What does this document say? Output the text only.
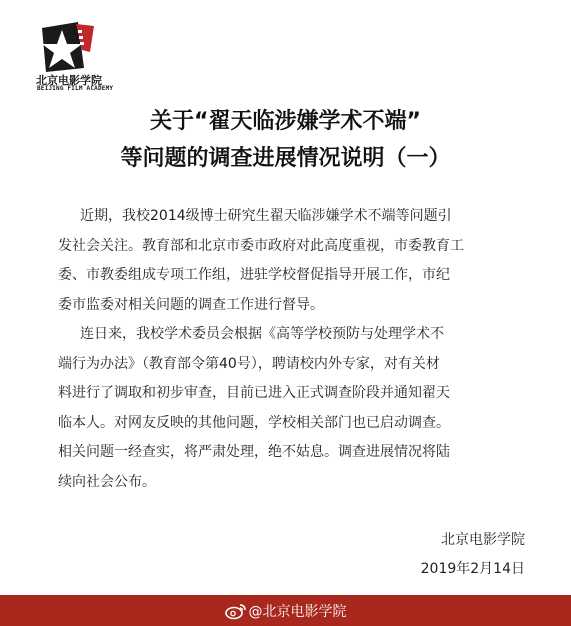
北京电影学院
BEIJING FILM ACADEMY
关于“翟天临涉嫌学术不端”
等问题的调查进展情况说明（一）
近期，我校2014级博士研究生翟天临涉嫌学术不端等问题引
发社会关注。教育部和北京市委市政府对此高度重视，市委教育工
委、市教委组成专项工作组，进驻学校督促指导开展工作，市纪
委市监委对相关问题的调查工作进行督导。
连日来，我校学术委员会根据《高等学校预防与处理学术不
端行为办法》（教育部令第40号），聘请校内外专家，对有关材
料进行了调取和初步审查，目前已进入正式调查阶段并通知翟天
临本人。对网友反映的其他问题，学校相关部门也已启动调查。
相关问题一经查实，将严肃处理，绝不姑息。调查进展情况将陆
续向社会公布。
北京电影学院
2019年2月14日
@北京电影学院
